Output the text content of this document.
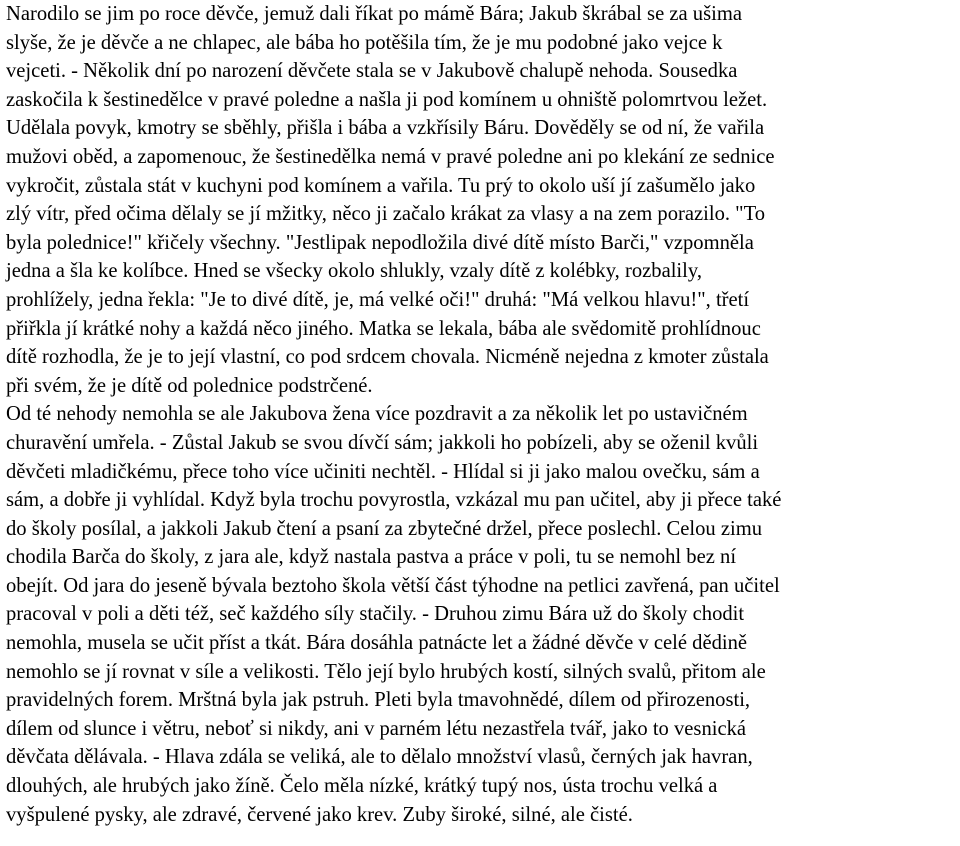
Narodilo se jim po roce děvče, jemuž dali říkat po mámě Bára; Jakub škrábal se za ušima
slyše, že je děvče a ne chlapec, ale bába ho potěšila tím, že je mu podobné jako vejce k
vejceti. - Několik dní po narození děvčete stala se v Jakubově chalupě nehoda. Sousedka
zaskočila k šestinedělce v pravé poledne a našla ji pod komínem u ohniště polomrtvou ležet.
Udělala povyk, kmotry se sběhly, přišla i bába a vzkřísily Báru. Dověděly se od ní, že vařila
mužovi oběd, a zapomenouc, že šestinedělka nemá v pravé poledne ani po klekání ze sednice
vykročit, zůstala stát v kuchyni pod komínem a vařila. Tu prý to okolo uší jí zašumělo jako
zlý vítr, před očima dělaly se jí mžitky, něco ji začalo krákat za vlasy a na zem porazilo. "To
byla polednice!" křičely všechny. "Jestlipak nepodložila divé dítě místo Barči," vzpomněla
jedna a šla ke kolíbce. Hned se všecky okolo shlukly, vzaly dítě z kolébky, rozbalily,
prohlížely, jedna řekla: "Je to divé dítě, je, má velké oči!" druhá: "Má velkou hlavu!", třetí
přiřkla jí krátké nohy a každá něco jiného. Matka se lekala, bába ale svědomitě prohlídnouc
dítě rozhodla, že je to její vlastní, co pod srdcem chovala. Nicméně nejedna z kmoter zůstala
při svém, že je dítě od polednice podstrčené.
Od té nehody nemohla se ale Jakubova žena více pozdravit a za několik let po ustavičném
churavění umřela. - Zůstal Jakub se svou dívčí sám; jakkoli ho pobízeli, aby se oženil kvůli
děvčeti mladičkému, přece toho více učiniti nechtěl. - Hlídal si ji jako malou ovečku, sám a
sám, a dobře ji vyhlídal. Když byla trochu povyrostla, vzkázal mu pan učitel, aby ji přece také
do školy posílal, a jakkoli Jakub čtení a psaní za zbytečné držel, přece poslechl. Celou zimu
chodila Barča do školy, z jara ale, když nastala pastva a práce v poli, tu se nemohl bez ní
obejít. Od jara do jeseně bývala beztoho škola větší část týhodne na petlici zavřená, pan učitel
pracoval v poli a děti též, seč každého síly stačily. - Druhou zimu Bára už do školy chodit
nemohla, musela se učit příst a tkát. Bára dosáhla patnácte let a žádné děvče v celé dědině
nemohlo se jí rovnat v síle a velikosti. Tělo její bylo hrubých kostí, silných svalů, přitom ale
pravidelných forem. Mrštná byla jak pstruh. Pleti byla tmavohnědé, dílem od přirozenosti,
dílem od slunce i větru, neboť si nikdy, ani v parném létu nezastřela tvář, jako to vesnická
děvčata dělávala. - Hlava zdála se veliká, ale to dělalo množství vlasů, černých jak havran,
dlouhých, ale hrubých jako žíně. Čelo měla nízké, krátký tupý nos, ústa trochu velká a
vyšpulené pysky, ale zdravé, červené jako krev. Zuby široké, silné, ale čisté.
